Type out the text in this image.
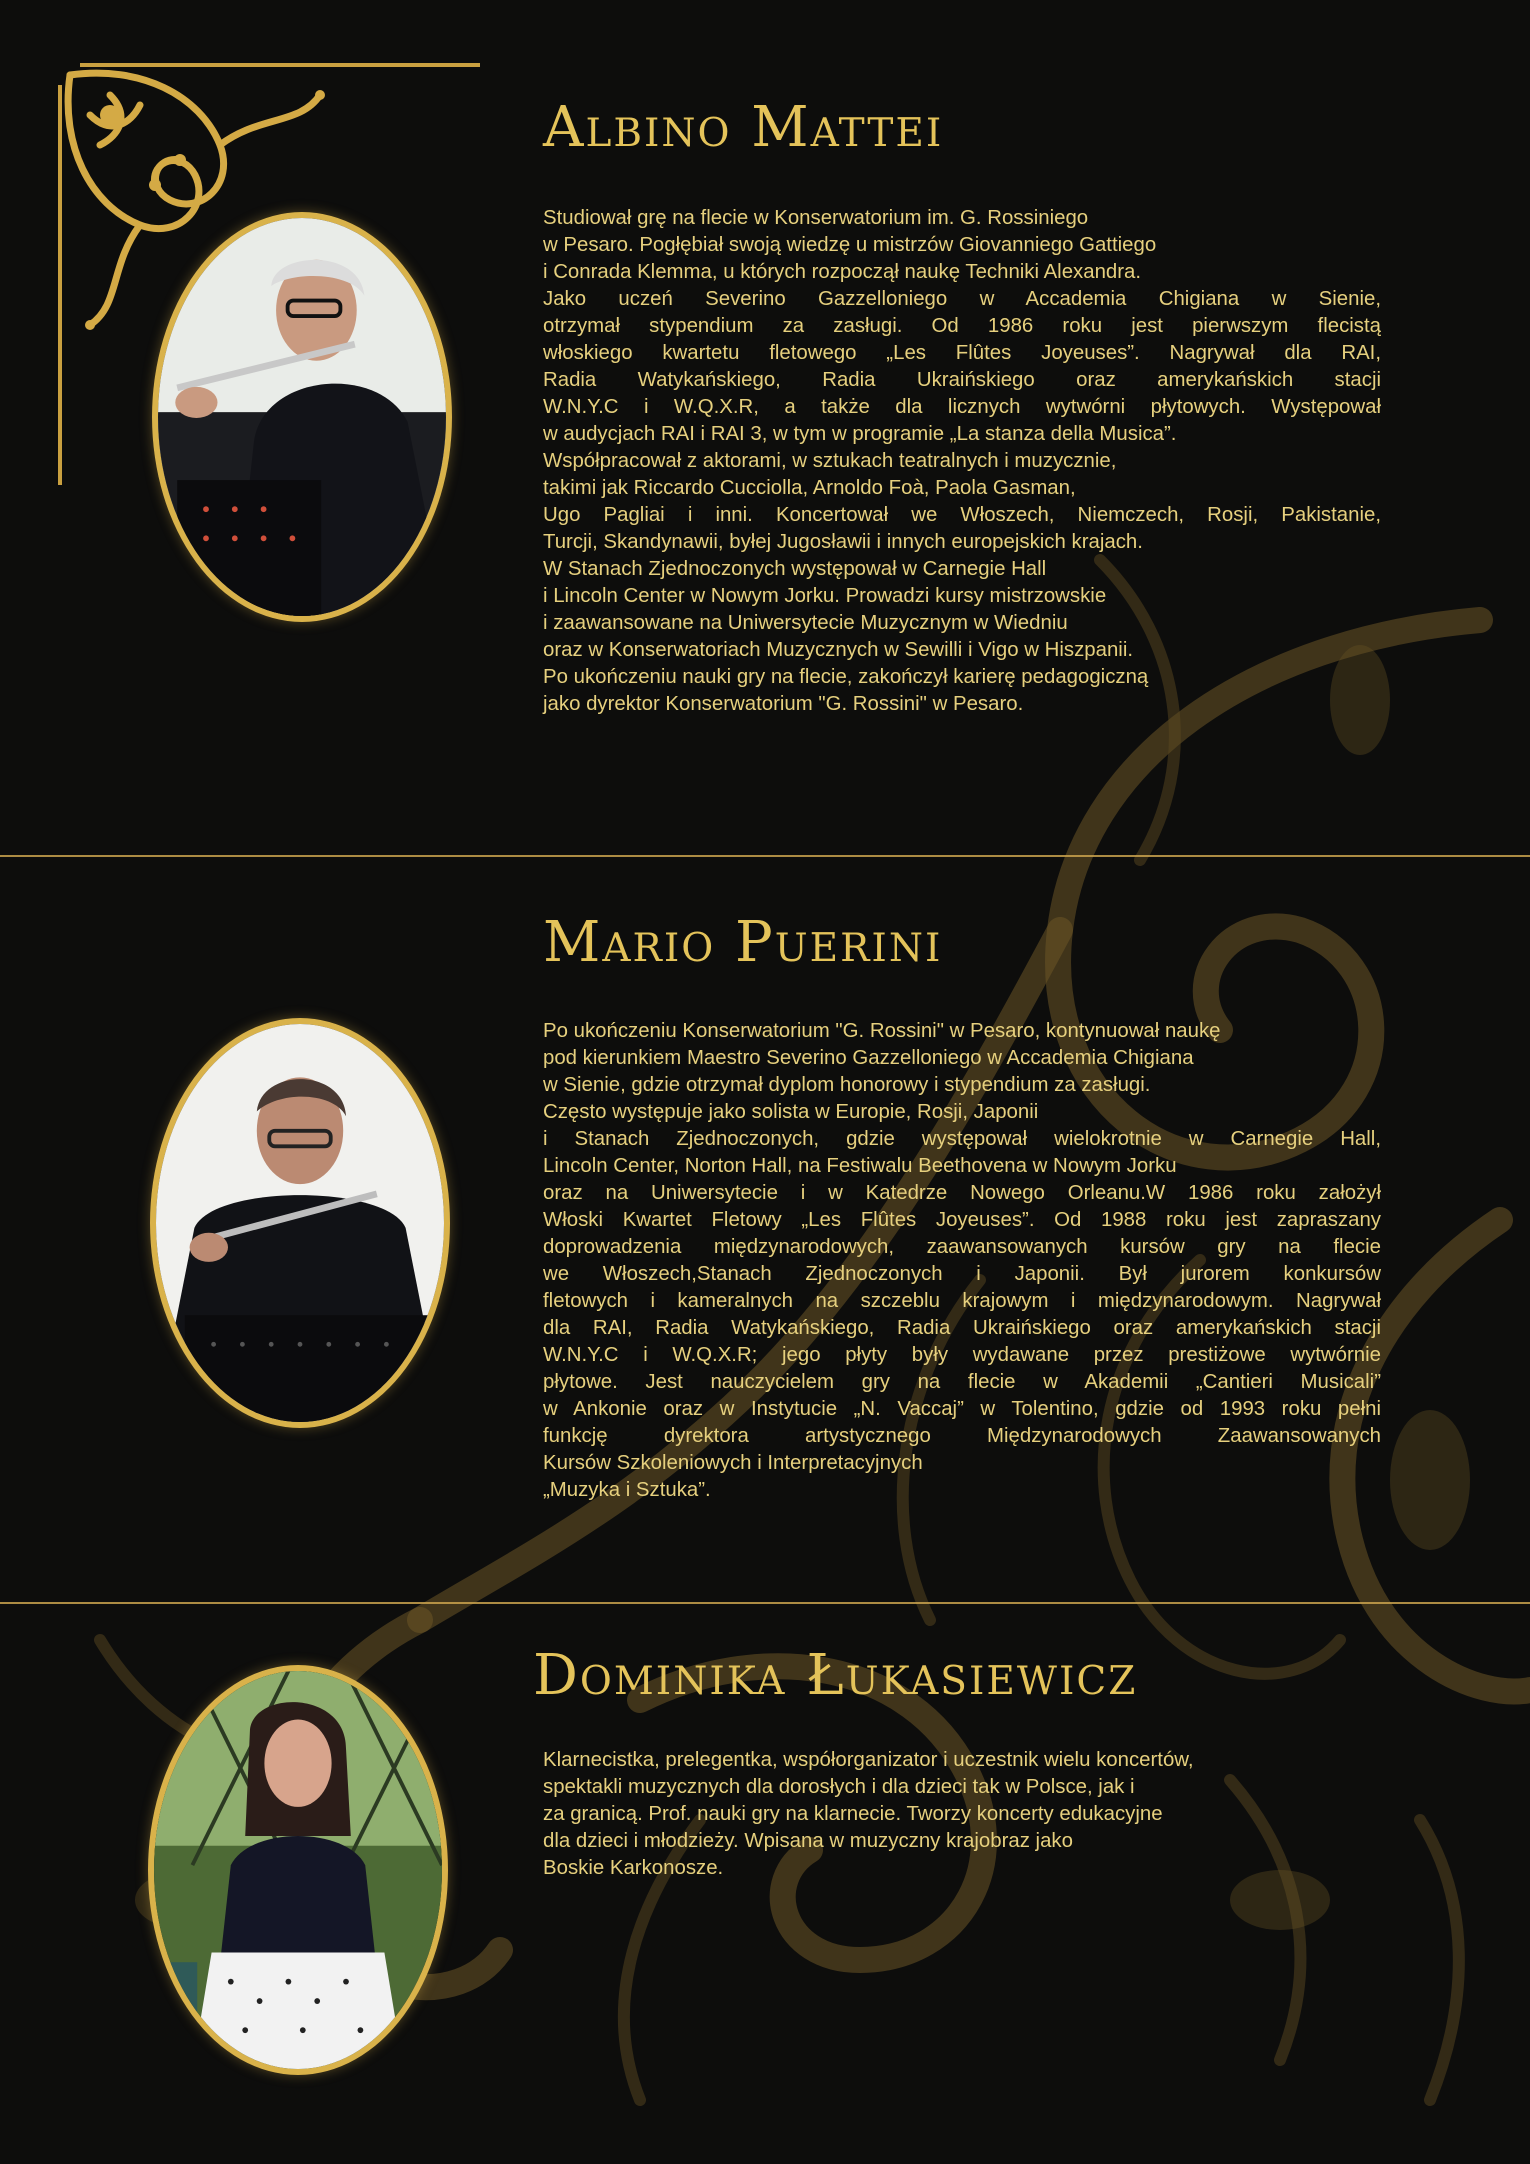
Albino Mattei
Studiował grę na flecie w Konserwatorium im. G. Rossiniego
w Pesaro. Pogłębiał swoją wiedzę u mistrzów Giovanniego Gattiego
i Conrada Klemma, u których rozpoczął naukę Techniki Alexandra.
Jako uczeń Severino Gazzelloniego w Accademia Chigiana w Sienie,
otrzymał stypendium za zasługi. Od 1986 roku jest pierwszym flecistą
włoskiego kwartetu fletowego „Les Flûtes Joyeuses”. Nagrywał dla RAI,
Radia Watykańskiego, Radia Ukraińskiego oraz amerykańskich stacji
W.N.Y.C i W.Q.X.R, a także dla licznych wytwórni płytowych. Występował
w audycjach RAI i RAI 3, w tym w programie „La stanza della Musica”.
Współpracował z aktorami, w sztukach teatralnych i muzycznie,
takimi jak Riccardo Cucciolla, Arnoldo Foà, Paola Gasman,
Ugo Pagliai i inni. Koncertował we Włoszech, Niemczech, Rosji, Pakistanie,
Turcji, Skandynawii, byłej Jugosławii i innych europejskich krajach.
W Stanach Zjednoczonych występował w Carnegie Hall
i Lincoln Center w Nowym Jorku. Prowadzi kursy mistrzowskie
i zaawansowane na Uniwersytecie Muzycznym w Wiedniu
oraz w Konserwatoriach Muzycznych w Sewilli i Vigo w Hiszpanii.
Po ukończeniu nauki gry na flecie, zakończył karierę pedagogiczną
jako dyrektor Konserwatorium "G. Rossini" w Pesaro.
Mario Puerini
Po ukończeniu Konserwatorium "G. Rossini" w Pesaro, kontynuował naukę
pod kierunkiem Maestro Severino Gazzelloniego w Accademia Chigiana
w Sienie, gdzie otrzymał dyplom honorowy i stypendium za zasługi.
Często występuje jako solista w Europie, Rosji, Japonii
i Stanach Zjednoczonych, gdzie występował wielokrotnie w Carnegie Hall,
Lincoln Center, Norton Hall, na Festiwalu Beethovena w Nowym Jorku
oraz na Uniwersytecie i w Katedrze Nowego Orleanu.W 1986 roku założył
Włoski Kwartet Fletowy „Les Flûtes Joyeuses”. Od 1988 roku jest zapraszany
doprowadzenia międzynarodowych, zaawansowanych kursów gry na flecie
we Włoszech,Stanach Zjednoczonych i Japonii. Był jurorem konkursów
fletowych i kameralnych na szczeblu krajowym i międzynarodowym. Nagrywał
dla RAI, Radia Watykańskiego, Radia Ukraińskiego oraz amerykańskich stacji
W.N.Y.C i W.Q.X.R; jego płyty były wydawane przez prestiżowe wytwórnie
płytowe. Jest nauczycielem gry na flecie w Akademii „Cantieri Musicali”
w Ankonie oraz w Instytucie „N. Vaccaj” w Tolentino, gdzie od 1993 roku pełni
funkcję dyrektora artystycznego Międzynarodowych Zaawansowanych
Kursów Szkoleniowych i Interpretacyjnych
„Muzyka i Sztuka”.
Dominika Łukasiewicz
Klarnecistka, prelegentka, współorganizator i uczestnik wielu koncertów,
spektakli muzycznych dla dorosłych i dla dzieci tak w Polsce, jak i
za granicą. Prof. nauki gry na klarnecie. Tworzy koncerty edukacyjne
dla dzieci i młodzieży. Wpisana w muzyczny krajobraz jako
Boskie Karkonosze.
